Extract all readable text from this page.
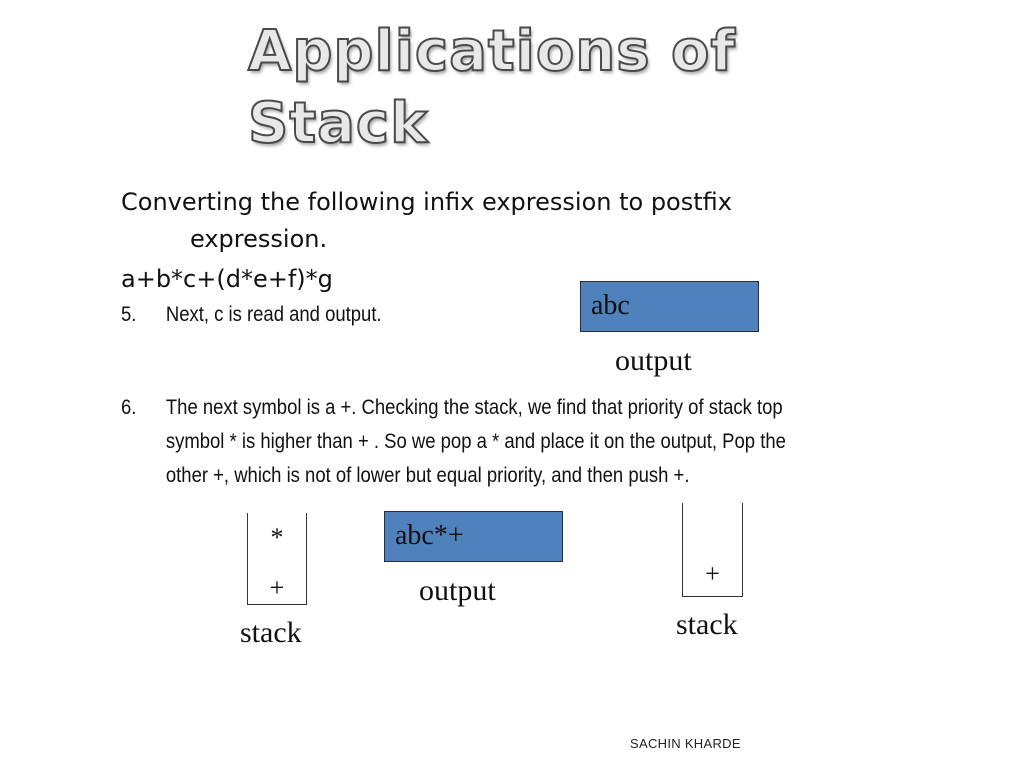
Applications of
Stack
Converting the following infix expression to postfix
expression.
a+b*c+(d*e+f)*g
5. Next, c is read and output.	abc
output
6. The next symbol is a +. Checking the stack, we find that priority of stack top
symbol * is higher than + . So we pop a * and place it on the output, Pop the
other +, which is not of lower but equal priority, and then push +.
*
+
stack
abc*+
output
+
stack
SACHIN KHARDE
